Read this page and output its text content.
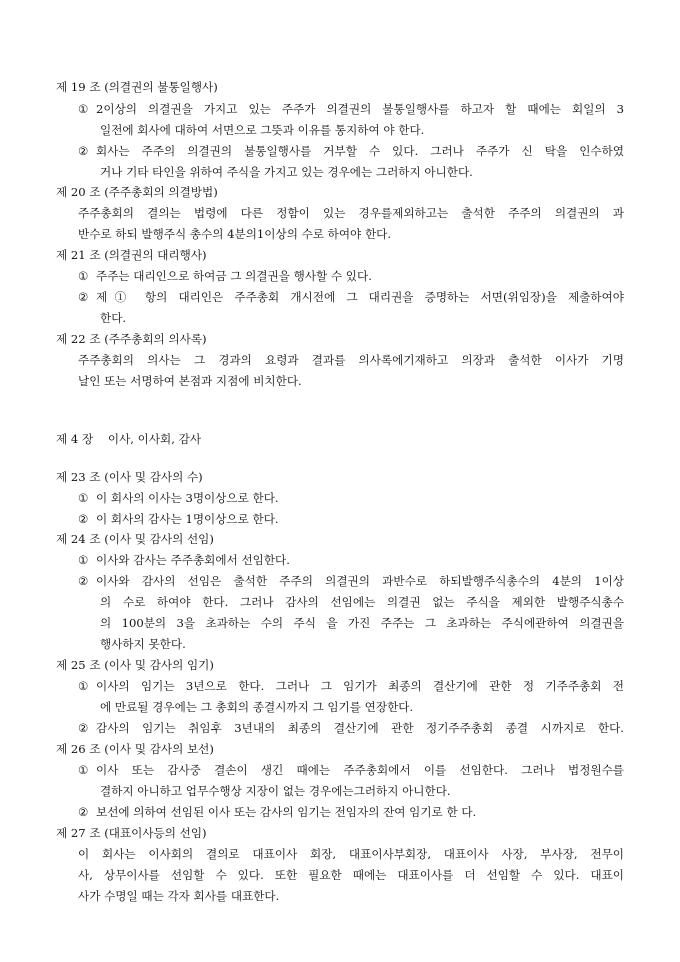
제 19 조 (의결권의 불통일행사)
① 2이상의 의결권을 가지고 있는 주주가 의결권의 불통일행사를 하고자 할 때에는 회일의 3
일전에 회사에 대하여 서면으로 그뜻과 이유를 통지하여 야 한다.
② 회사는 주주의 의결권의 불통일행사를 거부할 수 있다. 그러나 주주가 신 탁을 인수하였
거나 기타 타인을 위하여 주식을 가지고 있는 경우에는 그러하지 아니한다.
제 20 조 (주주총회의 의결방법)
주주총회의 결의는 법령에 다른 정함이 있는 경우를제외하고는 출석한 주주의 의결권의 과
반수로 하되 발행주식 총수의 4분의1이상의 수로 하여야 한다.
제 21 조 (의결권의 대리행사)
① 주주는 대리인으로 하여금 그 의결권을 행사할 수 있다.
② 제① 항의 대리인은 주주총회 개시전에 그 대리권을 증명하는 서면(위임장)을 제출하여야
한다.
제 22 조 (주주총회의 의사록)
주주총회의 의사는 그 경과의 요령과 결과를 의사록에기재하고 의장과 출석한 이사가 기명
날인 또는 서명하여 본점과 지점에 비치한다.
제 4 장    이사, 이사회, 감사
제 23 조 (이사 및 감사의 수)
① 이 회사의 이사는 3명이상으로 한다.
② 이 회사의 감사는 1명이상으로 한다.
제 24 조 (이사 및 감사의 선임)
① 이사와 감사는 주주총회에서 선임한다.
② 이사와 감사의 선임은 출석한 주주의 의결권의 과반수로 하되발행주식총수의 4분의 1이상
의 수로 하여야 한다. 그러나 감사의 선임에는 의결권 없는 주식을 제외한 발행주식총수
의 100분의 3을 초과하는 수의 주식 을 가진 주주는 그 초과하는 주식에관하여 의결권을
행사하지 못한다.
제 25 조 (이사 및 감사의 임기)
① 이사의 임기는 3년으로 한다. 그러나 그 임기가 최종의 결산기에 관한 정 기주주총회 전
에 만료될 경우에는 그 총회의 종결시까지 그 임기를 연장한다.
② 감사의 임기는 취임후 3년내의 최종의 결산기에 관한 정기주주총회 종결 시까지로 한다.
제 26 조 (이사 및 감사의 보선)
① 이사 또는 감사중 결손이 생긴 때에는 주주총회에서 이를 선임한다. 그러나 법정원수를
결하지 아니하고 업무수행상 지장이 없는 경우에는그러하지 아니한다.
② 보선에 의하여 선임된 이사 또는 감사의 임기는 전임자의 잔여 임기로 한 다.
제 27 조 (대표이사등의 선임)
이 회사는 이사회의 결의로 대표이사 회장, 대표이사부회장, 대표이사 사장, 부사장, 전무이
사, 상무이사를 선임할 수 있다. 또한 필요한 때에는 대표이사를 더 선임할 수 있다. 대표이
사가 수명일 때는 각자 회사를 대표한다.
